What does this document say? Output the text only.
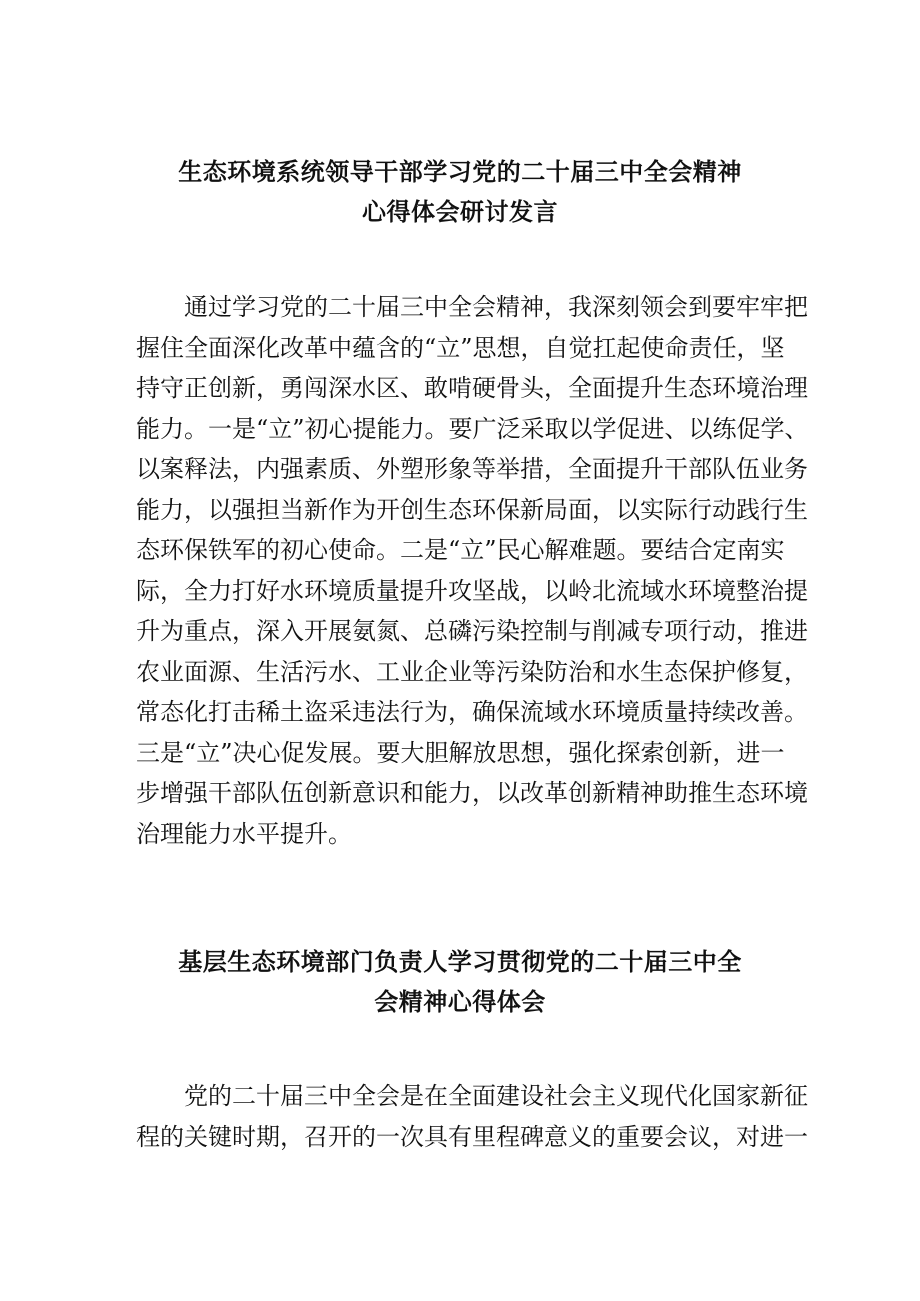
生态环境系统领导干部学习党的二十届三中全会精神
心得体会研讨发言

通过学习党的二十届三中全会精神，我深刻领会到要牢牢把
握住全面深化改革中蕴含的“立”思想，自觉扛起使命责任，坚
持守正创新，勇闯深水区、敢啃硬骨头，全面提升生态环境治理
能力。一是“立”初心提能力。要广泛采取以学促进、以练促学、
以案释法，内强素质、外塑形象等举措，全面提升干部队伍业务
能力，以强担当新作为开创生态环保新局面，以实际行动践行生
态环保铁军的初心使命。二是“立”民心解难题。要结合定南实
际，全力打好水环境质量提升攻坚战，以岭北流域水环境整治提
升为重点，深入开展氨氮、总磷污染控制与削减专项行动，推进
农业面源、生活污水、工业企业等污染防治和水生态保护修复，
常态化打击稀土盗采违法行为，确保流域水环境质量持续改善。
三是“立”决心促发展。要大胆解放思想，强化探索创新，进一
步增强干部队伍创新意识和能力，以改革创新精神助推生态环境
治理能力水平提升。

基层生态环境部门负责人学习贯彻党的二十届三中全
会精神心得体会

党的二十届三中全会是在全面建设社会主义现代化国家新征
程的关键时期，召开的一次具有里程碑意义的重要会议，对进一
